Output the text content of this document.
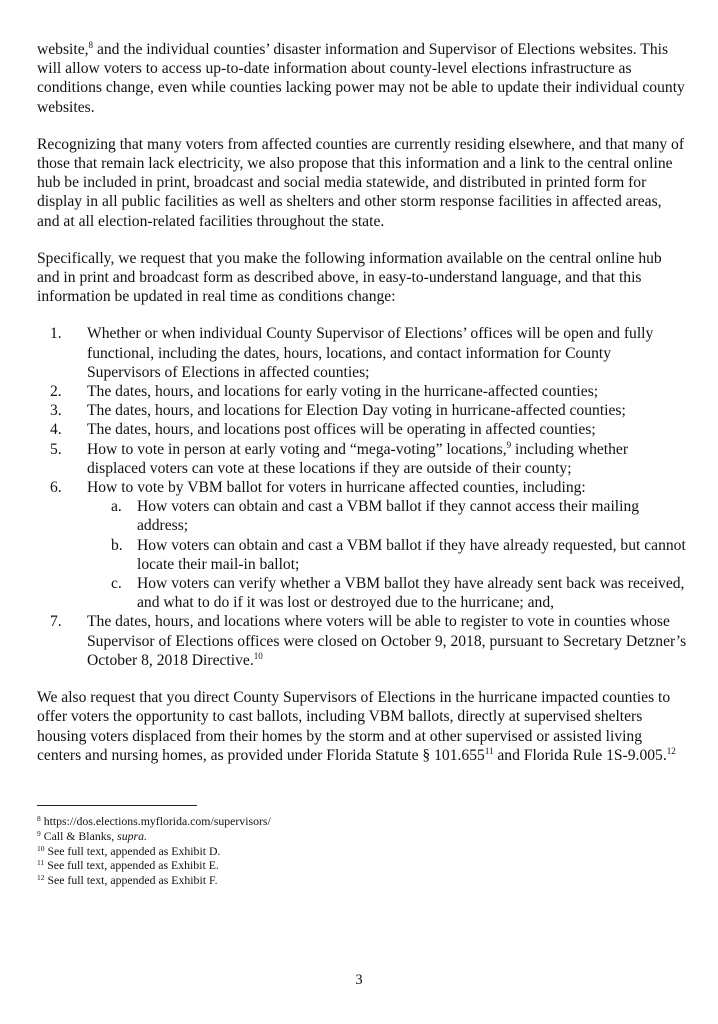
website,$^8$ and the individual counties’ disaster information and Supervisor of Elections websites. This will allow voters to access up-to-date information about county-level elections infrastructure as conditions change, even while counties lacking power may not be able to update their individual county websites.

Recognizing that many voters from affected counties are currently residing elsewhere, and that many of those that remain lack electricity, we also propose that this information and a link to the central online hub be included in print, broadcast and social media statewide, and distributed in printed form for display in all public facilities as well as shelters and other storm response facilities in affected areas, and at all election-related facilities throughout the state.

Specifically, we request that you make the following information available on the central online hub and in print and broadcast form as described above, in easy-to-understand language, and that this information be updated in real time as conditions change:

1.	Whether or when individual County Supervisor of Elections’ offices will be open and fully functional, including the dates, hours, locations, and contact information for County Supervisors of Elections in affected counties;
2.	The dates, hours, and locations for early voting in the hurricane-affected counties;
3.	The dates, hours, and locations for Election Day voting in hurricane-affected counties;
4.	The dates, hours, and locations post offices will be operating in affected counties;
5.	How to vote in person at early voting and “mega-voting” locations,$^9$ including whether displaced voters can vote at these locations if they are outside of their county;
6.	How to vote by VBM ballot for voters in hurricane affected counties, including:
a. How voters can obtain and cast a VBM ballot if they cannot access their mailing address;
b. How voters can obtain and cast a VBM ballot if they have already requested, but cannot locate their mail-in ballot;
c. How voters can verify whether a VBM ballot they have already sent back was received, and what to do if it was lost or destroyed due to the hurricane; and,
7.	The dates, hours, and locations where voters will be able to register to vote in counties whose Supervisor of Elections offices were closed on October 9, 2018, pursuant to Secretary Detzner’s October 8, 2018 Directive.$^{10}$

We also request that you direct County Supervisors of Elections in the hurricane impacted counties to offer voters the opportunity to cast ballots, including VBM ballots, directly at supervised shelters housing voters displaced from their homes by the storm and at other supervised or assisted living centers and nursing homes, as provided under Florida Statute § 101.655$^{11}$ and Florida Rule 1S-9.005.12

$^8$ https://dos.elections.myflorida.com/supervisors/
$^9$ Call & Blanks, supra.
$^{10}$ See full text, appended as Exhibit D.
$^{11}$ See full text, appended as Exhibit E.
$^{12}$ See full text, appended as Exhibit F.
3
